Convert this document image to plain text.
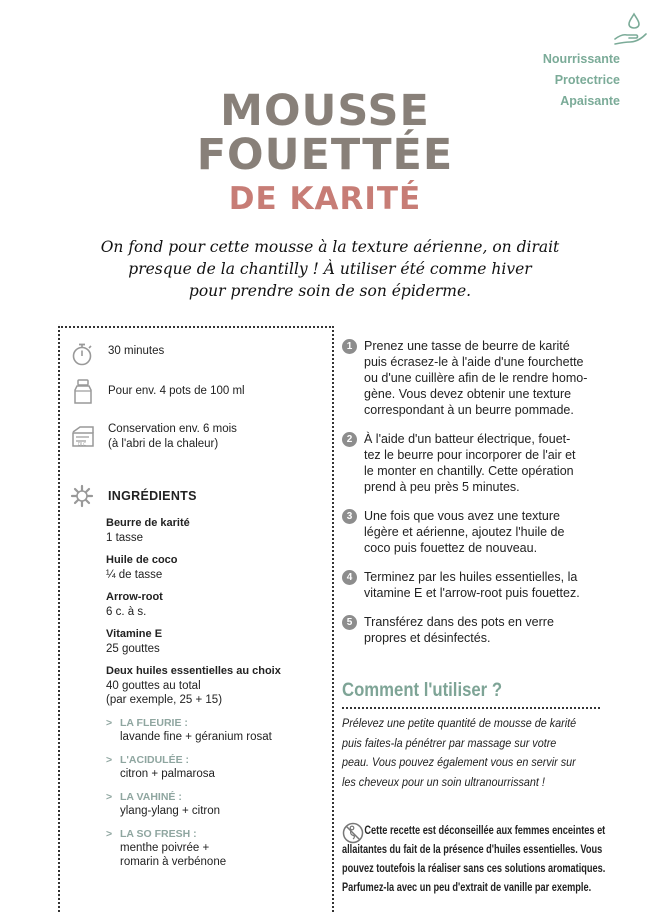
Nourrissante
Protectrice
Apaisante
MOUSSE
FOUETTÉE
DE KARITÉ
On fond pour cette mousse à la texture aérienne, on dirait
presque de la chantilly ! À utiliser été comme hiver
pour prendre soin de son épiderme.
30 minutes
Pour env. 4 pots de 100 ml
DLC
Conservation env. 6 mois
(à l'abri de la chaleur)
INGRÉDIENTS
Beurre de karité
1 tasse
Huile de coco
¼ de tasse
Arrow-root
6 c. à s.
Vitamine E
25 gouttes
Deux huiles essentielles au choix
40 gouttes au total
(par exemple, 25 + 15)
> LA FLEURIE :
lavande fine + géranium rosat
> L'ACIDULÉE :
citron + palmarosa
> LA VAHINÉ :
ylang-ylang + citron
> LA SO FRESH :
menthe poivrée +
romarin à verbénone
1 Prenez une tasse de beurre de karité
puis écrasez-le à l'aide d'une fourchette
ou d'une cuillère afin de le rendre homo-
gène. Vous devez obtenir une texture
correspondant à un beurre pommade.
2 À l'aide d'un batteur électrique, fouet-
tez le beurre pour incorporer de l'air et
le monter en chantilly. Cette opération
prend à peu près 5 minutes.
3 Une fois que vous avez une texture
légère et aérienne, ajoutez l'huile de
coco puis fouettez de nouveau.
4 Terminez par les huiles essentielles, la
vitamine E et l'arrow-root puis fouettez.
5 Transférez dans des pots en verre
propres et désinfectés.
Comment l'utiliser ?
Prélevez une petite quantité de mousse de karité
puis faites-la pénétrer par massage sur votre
peau. Vous pouvez également vous en servir sur
les cheveux pour un soin ultranourrissant !
Cette recette est déconseillée aux femmes enceintes et
allaitantes du fait de la présence d'huiles essentielles. Vous
pouvez toutefois la réaliser sans ces solutions aromatiques.
Parfumez-la avec un peu d'extrait de vanille par exemple.
